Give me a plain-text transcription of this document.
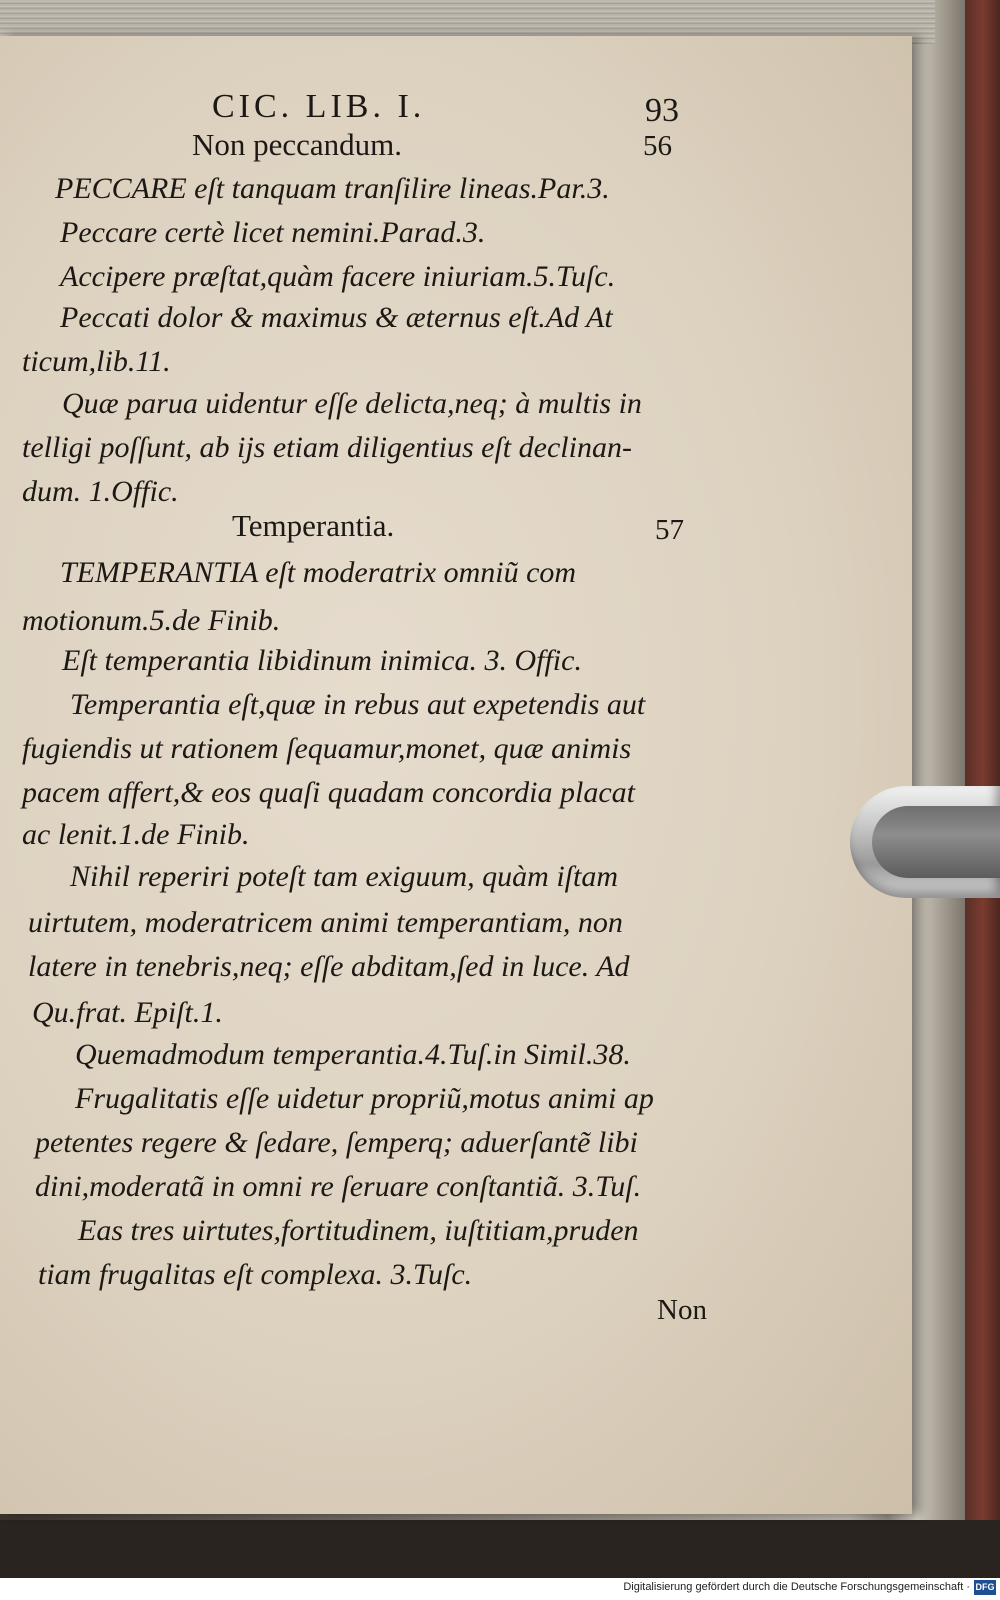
CIC. LIB. I.	93
Non peccandum.	56
PECCARE eſt tanquam tranſilire lineas.Par.3.
Peccare certè licet nemini.Parad.3.
Accipere præſtat,quàm facere iniuriam.5.Tuſc.
Peccati dolor & maximus & æternus eſt.Ad At
ticum,lib.11.
Quæ parua uidentur eſſe delicta,neq; à multis in
telligi poſſunt, ab ijs etiam diligentius eſt declinan-
dum. 1.Offic.
Temperantia.	57
TEMPERANTIA eſt moderatrix omniũ com
motionum.5.de Finib.
Eſt temperantia libidinum inimica. 3. Offic.
Temperantia eſt,quæ in rebus aut expetendis aut
fugiendis ut rationem ſequamur,monet, quæ animis
pacem affert,& eos quaſi quadam concordia placat
ac lenit.1.de Finib.
Nihil reperiri poteſt tam exiguum, quàm iſtam
uirtutem, moderatricem animi temperantiam, non
latere in tenebris,neq; eſſe abditam,ſed in luce. Ad
Qu.frat. Epiſt.1.
Quemadmodum temperantia.4.Tuſ.in Simil.38.
Frugalitatis eſſe uidetur propriũ,motus animi ap
petentes regere & ſedare, ſemperq; aduerſantẽ libi
dini,moderatã in omni re ſeruare conſtantiã. 3.Tuſ.
Eas tres uirtutes,fortitudinem, iuſtitiam,pruden
tiam frugalitas eſt complexa. 3.Tuſc.
Non
Digitalisierung gefördert durch die Deutsche Forschungsgemeinschaft · DFG
